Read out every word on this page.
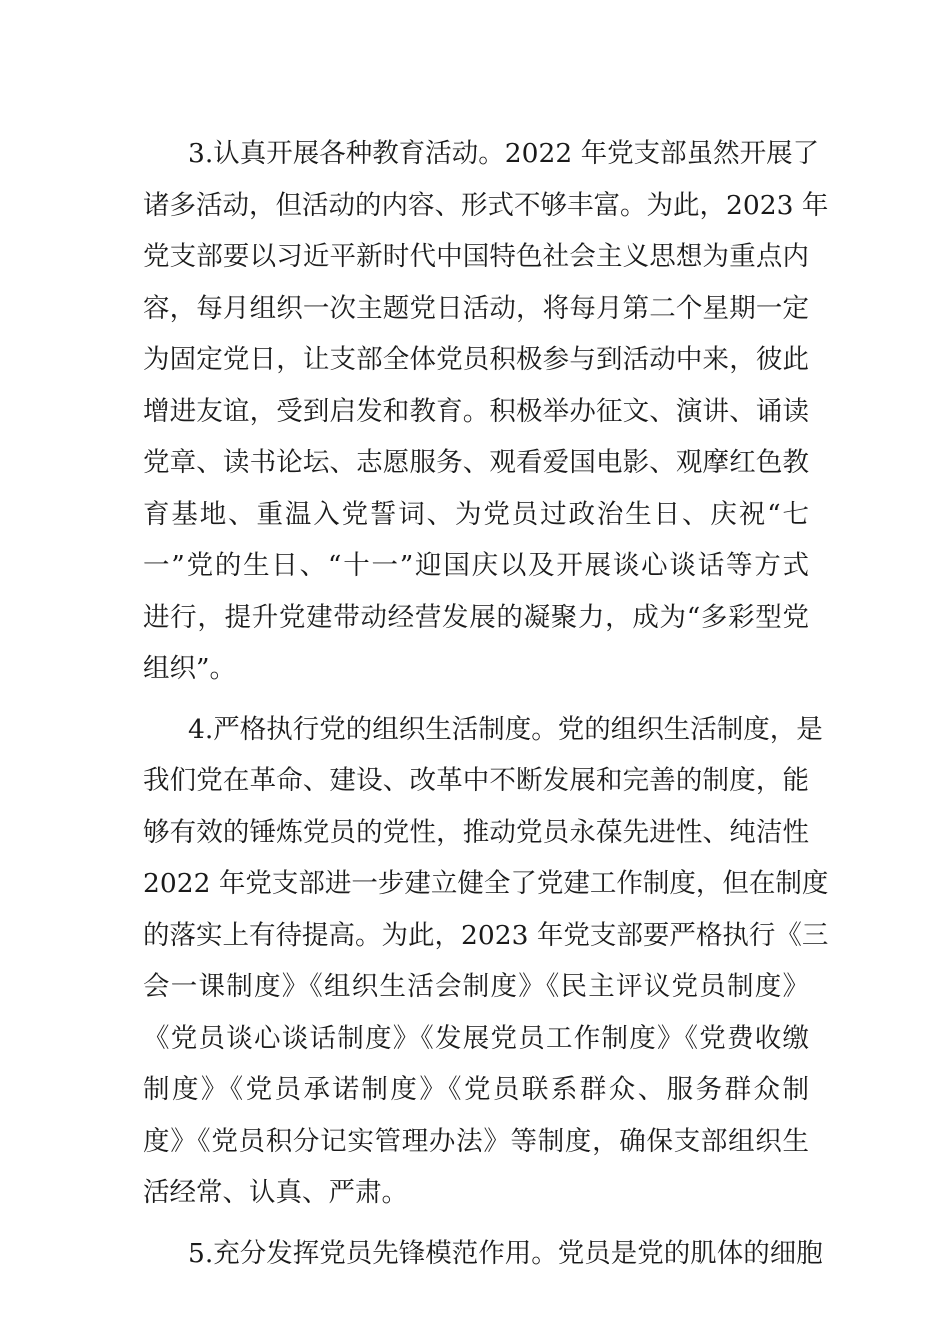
3.认真开展各种教育活动。2022 年党支部虽然开展了
诸多活动，但活动的内容、形式不够丰富。为此，2023 年
党支部要以习近平新时代中国特色社会主义思想为重点内
容，每月组织一次主题党日活动，将每月第二个星期一定
为固定党日，让支部全体党员积极参与到活动中来，彼此
增进友谊，受到启发和教育。积极举办征文、演讲、诵读
党章、读书论坛、志愿服务、观看爱国电影、观摩红色教
育基地、重温入党誓词、为党员过政治生日、庆祝“七
一”党的生日、“十一”迎国庆以及开展谈心谈话等方式
进行，提升党建带动经营发展的凝聚力，成为“多彩型党
组织”。
4.严格执行党的组织生活制度。党的组织生活制度，是
我们党在革命、建设、改革中不断发展和完善的制度，能
够有效的锤炼党员的党性，推动党员永葆先进性、纯洁性
2022 年党支部进一步建立健全了党建工作制度，但在制度
的落实上有待提高。为此，2023 年党支部要严格执行《三
会一课制度》《组织生活会制度》《民主评议党员制度》
《党员谈心谈话制度》《发展党员工作制度》《党费收缴
制度》《党员承诺制度》《党员联系群众、服务群众制
度》《党员积分记实管理办法》等制度，确保支部组织生
活经常、认真、严肃。
5.充分发挥党员先锋模范作用。党员是党的肌体的细胞
